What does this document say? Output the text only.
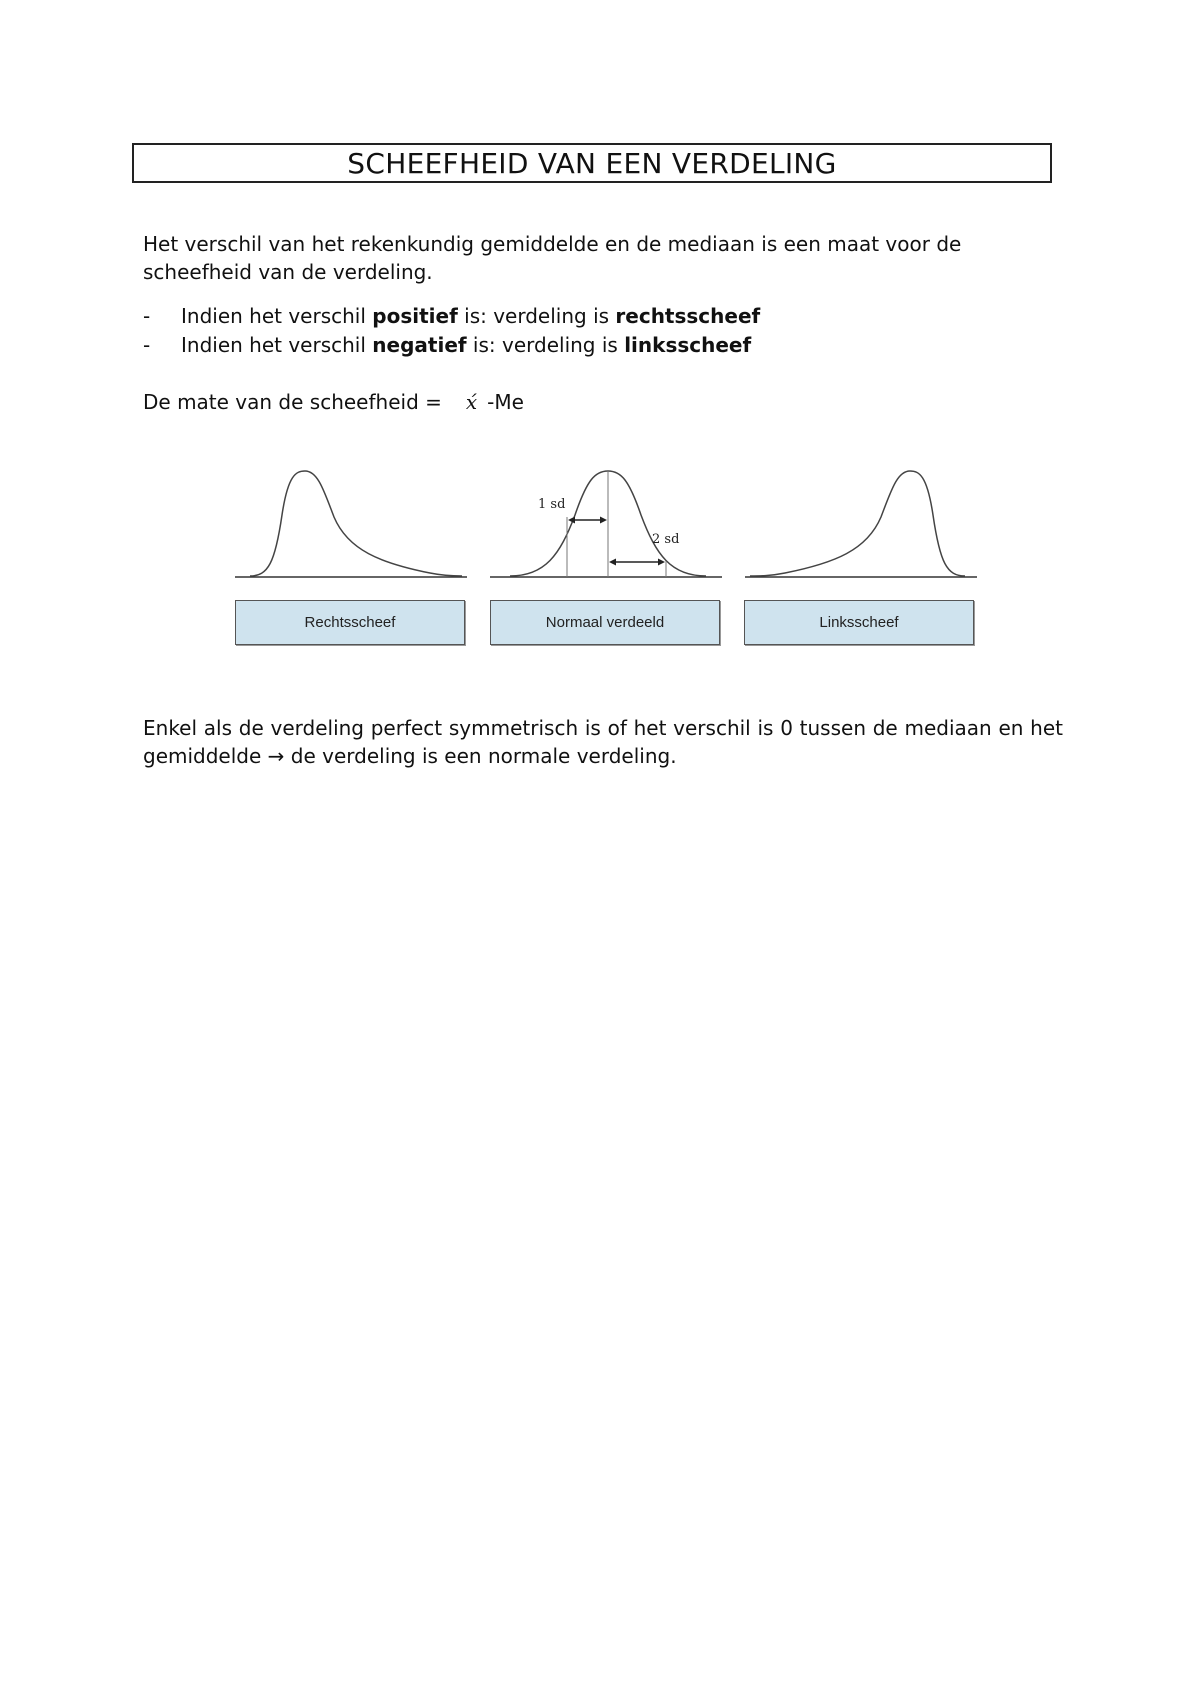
SCHEEFHEID VAN EEN VERDELING
Het verschil van het rekenkundig gemiddelde en de mediaan is een maat voor de scheefheid van de verdeling.
-	Indien het verschil positief is: verdeling is rechtsscheef
-	Indien het verschil negatief is: verdeling is linksscheef
De mate van de scheefheid = x́ -Me
1 sd
2 sd
Rechtsscheef	Normaal verdeeld	Linksscheef
Enkel als de verdeling perfect symmetrisch is of het verschil is 0 tussen de mediaan en het gemiddelde → de verdeling is een normale verdeling.
